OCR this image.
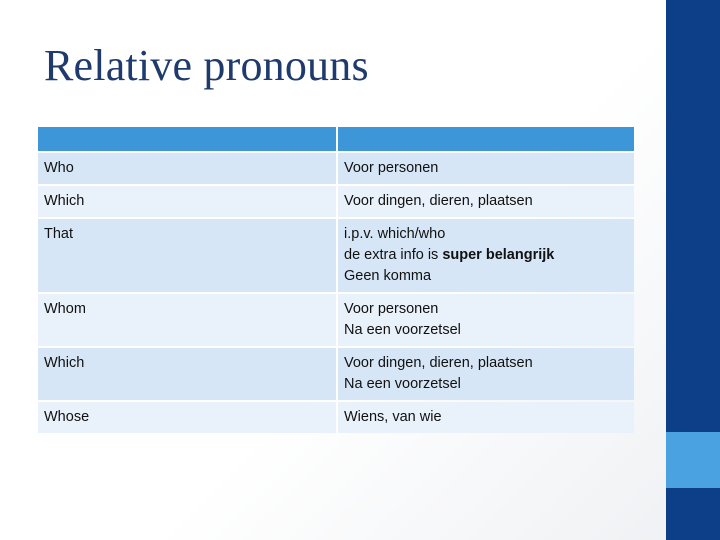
Relative pronouns

Who	Voor personen

Which	Voor dingen, dieren, plaatsen

That	i.p.v. which/who
de extra info is super belangrijk
Geen komma

Whom	Voor personen
Na een voorzetsel

Which	Voor dingen, dieren, plaatsen
Na een voorzetsel

Whose	Wiens, van wie
